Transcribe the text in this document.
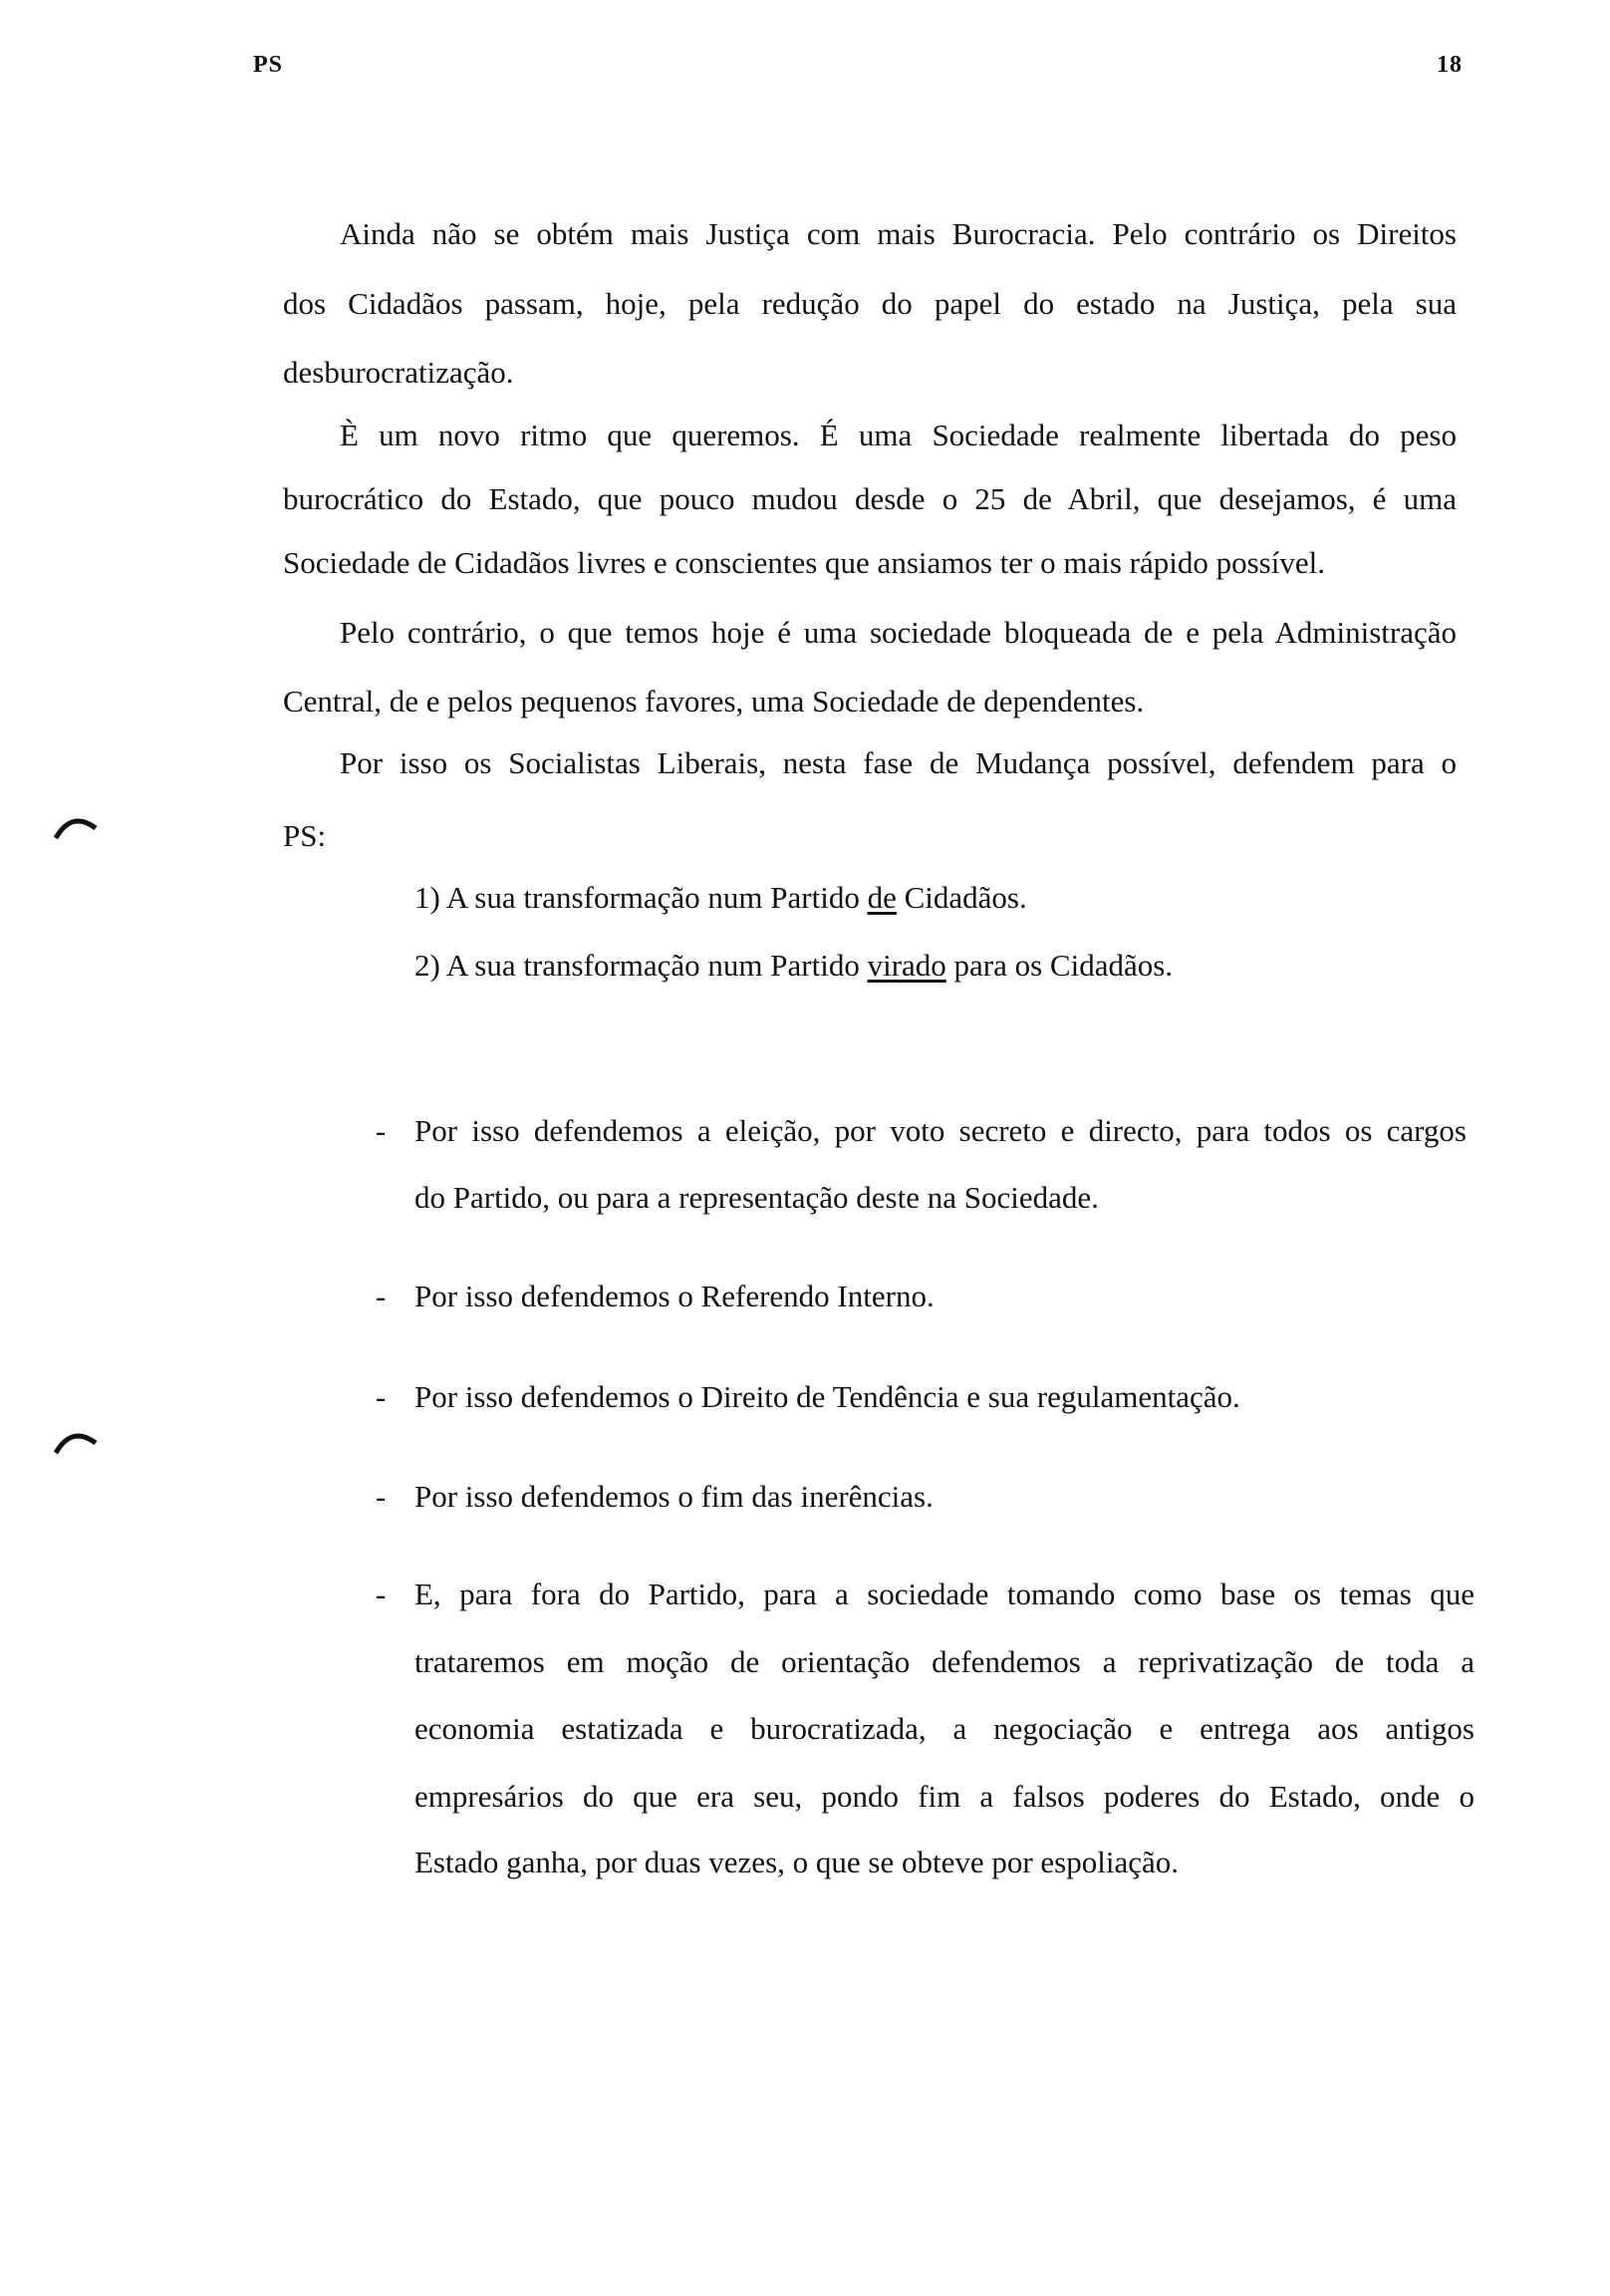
PS	18
Ainda não se obtém mais Justiça com mais Burocracia. Pelo contrário os Direitos
dos Cidadãos passam, hoje, pela redução do papel do estado na Justiça, pela sua
desburocratização.
È um novo ritmo que queremos. É uma Sociedade realmente libertada do peso
burocrático do Estado, que pouco mudou desde o 25 de Abril, que desejamos, é uma
Sociedade de Cidadãos livres e conscientes que ansiamos ter o mais rápido possível.
Pelo contrário, o que temos hoje é uma sociedade bloqueada de e pela Administração
Central, de e pelos pequenos favores, uma Sociedade de dependentes.
Por isso os Socialistas Liberais, nesta fase de Mudança possível, defendem para o
PS:
1) A sua transformação num Partido de Cidadãos.
2) A sua transformação num Partido virado para os Cidadãos.
- Por isso defendemos a eleição, por voto secreto e directo, para todos os cargos
do Partido, ou para a representação deste na Sociedade.
- Por isso defendemos o Referendo Interno.
- Por isso defendemos o Direito de Tendência e sua regulamentação.
- Por isso defendemos o fim das inerências.
- E, para fora do Partido, para a sociedade tomando como base os temas que
trataremos em moção de orientação defendemos a reprivatização de toda a
economia estatizada e burocratizada, a negociação e entrega aos antigos
empresários do que era seu, pondo fim a falsos poderes do Estado, onde o
Estado ganha, por duas vezes, o que se obteve por espoliação.
